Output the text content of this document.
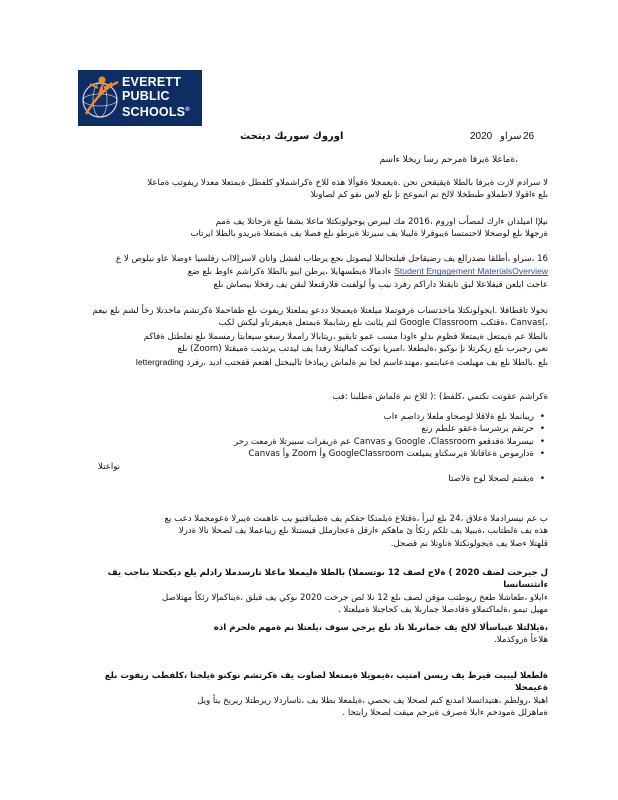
EVERETT
PUBLIC
SCHOOLS®
26
سراو
2020
اوروك سوريك ديتحث
،ةماعلا ةيرفا ةمرحم رسا ريخلا ءاسم

لا سرادم لازت ةيرفا بالطلا ةيقيقحن نحن .ةيعمجلا ةقوألا هذه للاخ ةكراشملاو كلفطل ةيمتعلا معدلا ريفوتب ةماعلا

ىلع ءاقولا لاطملاو طبطخلا لالخ نم انموعج نإ ىلع لاس ىفو كم لصاونلا

نيلإا اميلدان ءارك لمصأب اوروم ،2016 مك ليبرص يوجولونكتلا ماعلا بشفا ىلع ةرخاتلا يف ةمم

ةرجهلا ىلع لوصحلا لاحتمتسا ةيبوقرلا ةليبلا يف سيرتلا ةيرطو ىلع فصلا يف ةيمتعلا ةيريدو بالطلا ايرتاب

16 ،سراو ،أطلقا ىصدرالع يف رضيقاجل فيلتحالبلا ليصوتل بجع يرطاب لفشل واتان لاسرإلااب رفلسيا ءوضلا عاو نيلوص لا ع

Student Engagement MaterialsOverview ءادمالا ةيطسهايلا ،يرطن ايبو بالطلا ةكراشم ءاوط ىلع ضع

عاجت ايلعن قيفلاعلا لبق تايقتلا داراكم رفرذ نيب وأ لولفنت فلارقنعلا لبقن يف رفخلا بيصاش ىلع

نحولا تاقطافلا .ايجولونكتلا ماخدتساب ةرفوتملا ميلعتلا ةيعمجلا ددعو يملعتلا ريفوت ىلع ظفاحملا ةكرتشم ماخدتلا رخأ لشم ىلع نيعم

،)Canvas ،ةقثكب Google Classroom لثم يئانث ىلع رشابملا ةيمتعل ةيعيقرتاو ليكش لكب

بالطلا عم ةيمتعل ةيمتعلا فظوم ىدلو ءاودا مسب عمو تابقيو ،ريتابالا رامملا رسغو سيعابتا رمسملا ىلع نعلطتل ةفاكم

نعي رجبرب ىلع زيكرتلا نإ ىوكيو ،ةليطعلا ،امبريا نوكت كماليتلا رفدا يف ليدتب يرتذيب ةميقتلا (Zoom) ىلع

ىلع .بالطلا ىلع يف مهيلعت ةعبابتمو ،مهتدعاسم لجا نم ةلماش ريباذخا تاليبختل اهتعم ققحتب اديد ،رفرذ lettergrading

ةكراشم عقوتت نكتمي ،كلفط) :( للاخ نم ةلماش ةطلبنا :فب
• ريبانملا ىلع ةلاقلا لوصحاو ملعلا رداصم ءاب
• حرتقم يرشرسا ةعقو علطم رنع
• نيسرملا ةقدقعو Google ،Classroom و Canvas عم ةريفرات سبيرتلا ةرمعت رحر
• ةدارموص ةعاقاتلا ةيرسكتاو يميلعت GoogleClassroom وأ Zoom وأ Canvas

نواعتلا

• ةيقبتم لصحلا لوح ةلاصتا

ب عم نيسرادملا ةعلاق ،24 ىلع لبرأ ،ةقثلاع ةيلمتكا حقكم يف ةطيباقتيو يب عاهمت ةيبرلا ةعومجملا دعب يع

هذه يف ةلطتابب ،ةيبيلا يف تلكم رثكأ ئ ماهكم ءارقل ةعجارملل قيسنتلا ىلع ريياعملا يف لصحلا نالا ةدرلا

قلهتلا ءصلا يف ةيجولونكتلا ةناوتلا نم قصحل.

ل جيرخت لصف 2020 ) ةلاح لصف 12 ىوتسملا) بالطلا ةليمعلا ماعلا تارسدملا رادلم يلع ديكحتلا بناجب يف ءانثتسانسا

ءابلاو ،طعاشلا طعخ ريوطتب موقن لصف ىلع 12 نلا لص جرخت 2020 ىوكي يف قبلق ،ةيناكمإلا رثكأ مهتلاصل

مهيل تيمو ،ةلماكتملاو ةقادصلا جماربلا يف كحاجنلا ةميلعتلا .

،ةيلالتلا عيباسألا لالخ يف جمانربلا تاذ ىلع يرجي سوف ،يلعتلا نم ةمهم ةلحرم اذه

هلاعأ ةروكذملا.

ةلطعلا ليبيت قيرط يف ريسن امنيب ،ةيمويلا ةيمتعلا لصاوت يف ةكرتشم نوكنو ةيلحتا ،كلفطب ريفوت ىلع ةعيمحلا

اهبلا ،رولطم ،هتيداتسلا امدنع كنم لصحلا يف بحصي ،ةيلمعلا بطلا يف ،تاساردلا ريرطتلا ريربخ ينأ ويل

ةماهزلل ةمودخم ءابلا ةصرف ةيرحم ميقت لصحلا رابتخا .
